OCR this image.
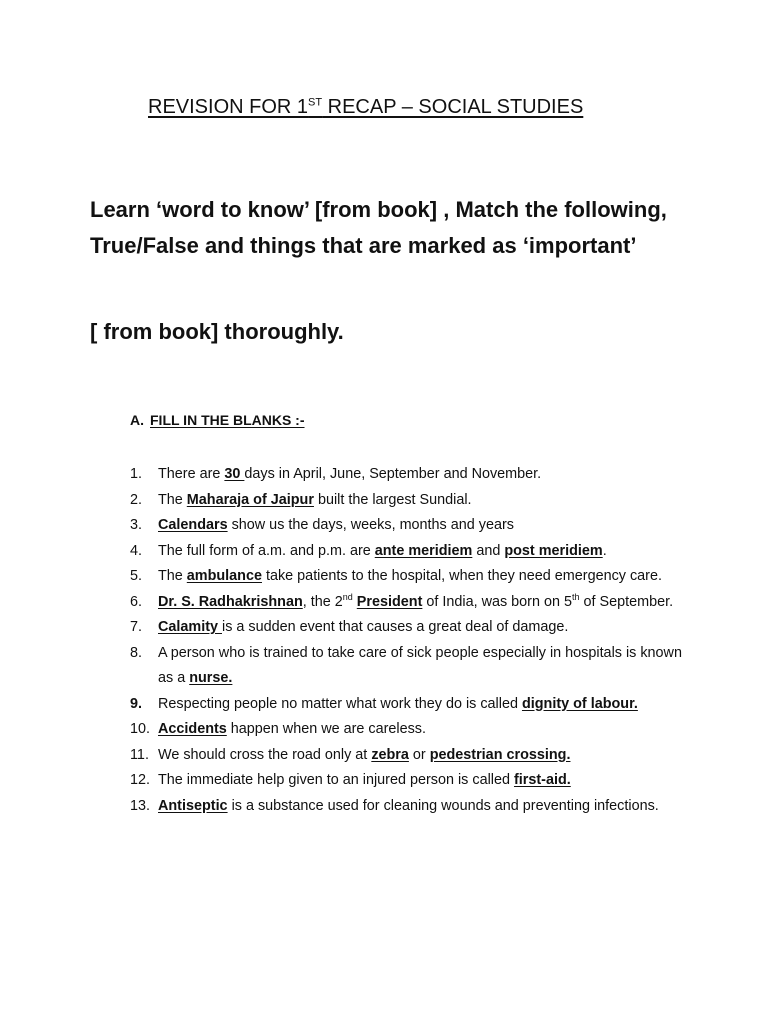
REVISION FOR 1ST RECAP – SOCIAL STUDIES

Learn ‘word to know’ [from book] , Match the following, True/False and things that are marked as ‘important’

[ from book] thoroughly.

A. FILL IN THE BLANKS :-
1. There are 30 days in April, June, September and November.
2. The Maharaja of Jaipur built the largest Sundial.
3. Calendars show us the days, weeks, months and years
4. The full form of a.m. and p.m. are ante meridiem and post meridiem.
5. The ambulance take patients to the hospital, when they need emergency care.
6. Dr. S. Radhakrishnan, the 2nd President of India, was born on 5th of September.
7. Calamity is a sudden event that causes a great deal of damage.
8. A person who is trained to take care of sick people especially in hospitals is known as a nurse.
9. Respecting people no matter what work they do is called dignity of labour.
10. Accidents happen when we are careless.
11. We should cross the road only at zebra or pedestrian crossing.
12. The immediate help given to an injured person is called first-aid.
13. Antiseptic is a substance used for cleaning wounds and preventing infections.
